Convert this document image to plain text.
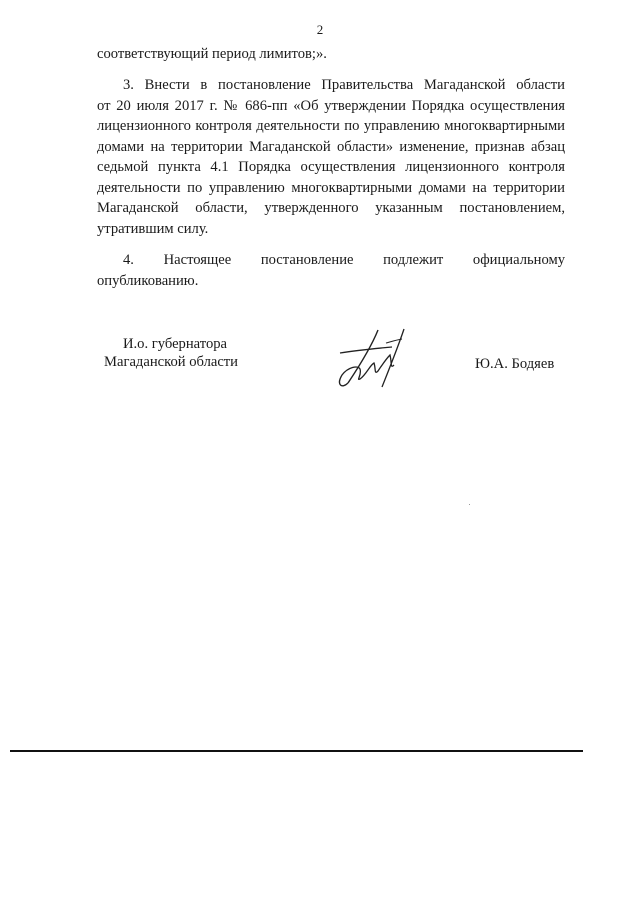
2

соответствующий период лимитов;».

3. Внести в постановление Правительства Магаданской области
от 20 июля 2017 г. № 686-пп «Об утверждении Порядка осуществления
лицензионного контроля деятельности по управлению многоквартирными
домами на территории Магаданской области» изменение, признав абзац
седьмой пункта 4.1 Порядка осуществления лицензионного контроля
деятельности по управлению многоквартирными домами на территории
Магаданской области, утвержденного указанным постановлением,
утратившим силу.

4. Настоящее постановление подлежит официальному
опубликованию.

И.о. губернатора
Магаданской области	Ю.А. Бодяев
